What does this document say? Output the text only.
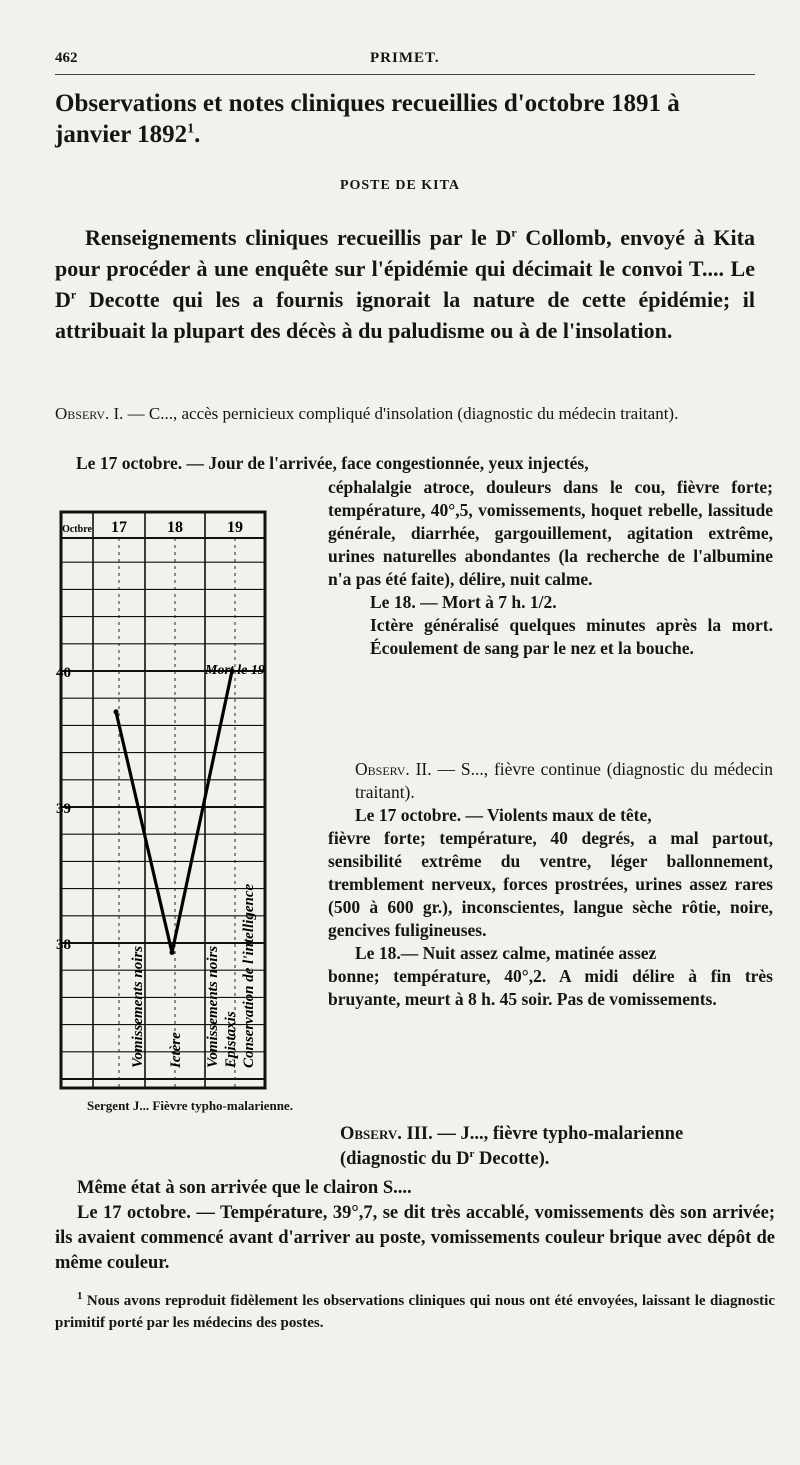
462	PRIMET.
Observations et notes cliniques recueillies d'octobre 1891 à janvier 1892$^1$.
POSTE DE KITA

Renseignements cliniques recueillis par le $D^r$ Collomb, envoyé à Kita pour procéder à une enquête sur l'épidémie qui décimait le convoi T.... Le $D^r$ Decotte qui les a fournis ignorait la nature de cette épidémie; il attribuait la plupart des décès à du paludisme ou à de l'insolation.

Observ. I. — C..., accès pernicieux compliqué d'insolation (diagnostic du médecin traitant).
Le 17 octobre. — Jour de l'arrivée, face congestionnée, yeux injectés,
céphalalgie atroce, douleurs dans le cou, fièvre forte; température, 40°,5, vomissements, hoquet rebelle, lassitude générale, diarrhée, gargouillement, agitation extrême, urines naturelles abondantes (la recherche de l'albumine n'a pas été faite), délire, nuit calme.
Le 18. — Mort à 7 h. 1/2.
Ictère généralisé quelques minutes après la mort. Écoulement de sang par le nez et la bouche.
Observ. II. — S..., fièvre continue (diagnostic du médecin traitant).
Le 17 octobre. — Violents maux de tête,
fièvre forte; température, 40 degrés, a mal partout, sensibilité extrême du ventre, léger ballonnement, tremblement nerveux, forces prostrées, urines assez rares (500 à 600 gr.), inconscientes, langue sèche rôtie, noire, gencives fuligineuses.
Le 18.— Nuit assez calme, matinée assez
bonne; température, 40°,2. A midi délire à fin très bruyante, meurt à 8 h. 45 soir. Pas de vomissements.
Octbre 17	18	19
40
39
38
Mort le 19
Vomissements noirs Ictère Vomissements noirs Epistaxis Conservation de l'intelligence
Sergent J... Fièvre typho-malarienne.
Observ. III. — J..., fièvre typho-malarienne
(diagnostic du $D^r$ Decotte).

Même état à son arrivée que le clairon S....

Le 17 octobre. — Température, 39°,7, se dit très accablé, vomissements dès son arrivée; ils avaient commencé avant d'arriver au poste, vomissements couleur brique avec dépôt de même couleur.

$^1$ Nous avons reproduit fidèlement les observations cliniques qui nous ont été envoyées, laissant le diagnostic primitif porté par les médecins des postes.
